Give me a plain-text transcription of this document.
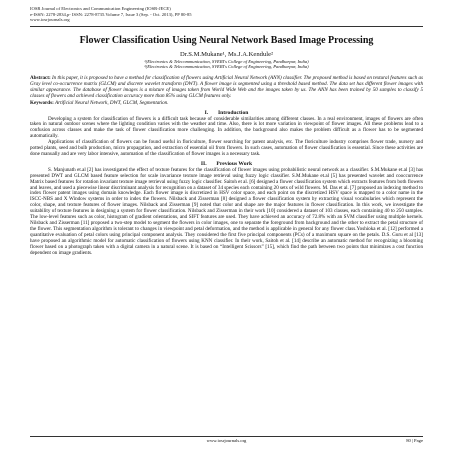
IOSR Journal of Electronics and Communication Engineering (IOSR-JECE)
e-ISSN: 2278-2834,p- ISSN: 2278-8735.Volume 7, Issue 3 (Sep. - Oct. 2013), PP 80-85
www.iosrjournals.org
Flower Classification Using Neural Network Based Image Processing
Dr.S.M.Mukane¹, Ms.J.A.Kendule²
¹(Electronics & Telecommunication, SVERI's College of Engineering, Pandharpur, India)
²(Electronics & Telecommunication, SVERI's College of Engineering, Pandharpur, India)
Abstract: In this paper, it is proposed to have a method for classification of flowers using Artificial Neural Network (ANN) classifier. The proposed method is based on textural features such as Gray level co-occurrence matrix (GLCM) and discrete wavelet transform (DWT). A flower image is segmented using a threshold based method. The data set has different flower images with similar appearance. The database of flower images is a mixture of images taken from World Wide Web and the images taken by us. The ANN has been trained by 50 samples to classify 5 classes of flowers and achieved classification accuracy more than 85% using GLCM features only.
Keywords: Artificial Neural Network, DWT, GLCM, Segmentation.
I.       Introduction
Developing a system for classification of flowers is a difficult task because of considerable similarities among different classes. In a real environment, images of flowers are often taken in natural outdoor scenes where the lighting condition varies with the weather and time. Also, there is lot more variation in viewpoint of flower images. All these problems lead to a confusion across classes and make the task of flower classification more challenging. In addition, the background also makes the problem difficult as a flower has to be segmented automatically.
Applications of classification of flowers can be found useful in floriculture, flower searching for patent analysis, etc. The floriculture industry comprises flower trade, nursery and potted plants, seed and bulb production, micro propagation, and extraction of essential oil from flowers. In such cases, automation of flower classification is essential. Since these activities are done manually and are very labor intensive, automation of the classification of flower images is a necessary task.
II.       Previous Work
S. Manjunath et.al [2] has investigated the effect of texture features for the classification of flower images using probabilistic neural network as a classifier. S.M.Mukane et.al [3] has presented DWT and GLCM based feature selection for scale invariance texture image retrieval using fuzzy logic classifier. S.M.Mukane et.al [5] has presented wavelet and cooccurrence Matrix based features for rotation invariant texture image retrieval using fuzzy logic classifier. Saitoh et al. [6] designed a flower classification system which extracts features from both flowers and leaves, and used a piecewise linear discriminant analysis for recognition on a dataset of 34 species each containing 20 sets of wild flowers. M. Das et al. [7] proposed an indexing method to index flower patent images using domain knowledge. Each flower image is discretized in HSV color space, and each point on the discretized HSV space is mapped to a color name in the ISCC-NBS and X Window systems in order to index the flowers. Nilsback and Zisserman [8] designed a flower classification system by extracting visual vocabularies which represent the color, shape, and texture features of flower images. Nilsback and Zisserman [9] noted that color and shape are the major features in flower classification. In this work, we investigate the suitability of texture features in designing a system for flower classification. Nilsback and Zisserman in their work [10] considered a dataset of 103 classes, each containing 40 to 250 samples. The low-level features such as color, histogram of gradient orientations, and SIFT features are used. They have achieved an accuracy of 72.8% with an SVM classifier using multiple kernels. Nilsback and Zisserman [11] proposed a two-step model to segment the flowers in color images, one to separate the foreground from background and the other to extract the petal structure of the flower. This segmentation algorithm is tolerant to changes in viewpoint and petal deformation, and the method is applicable in general for any flower class.Yoshioka et al. [12] performed a quantitative evaluation of petal colors using principal component analysis. They considered the first five principal components (PCs) of a maximum square on the petals. D.S. Guru et al [13] have proposed an algorithmic model for automatic classification of flowers using KNN classifier. In their work, Saitoh et al. [14] describe an automatic method for recognizing a blooming flower based on a photograph taken with a digital camera in a natural scene. It is based on “Intelligent Scissors” [15], which find the path between two points that minimizes a cost function dependent on image gradients.
www.iosrjournals.org	80 | Page
